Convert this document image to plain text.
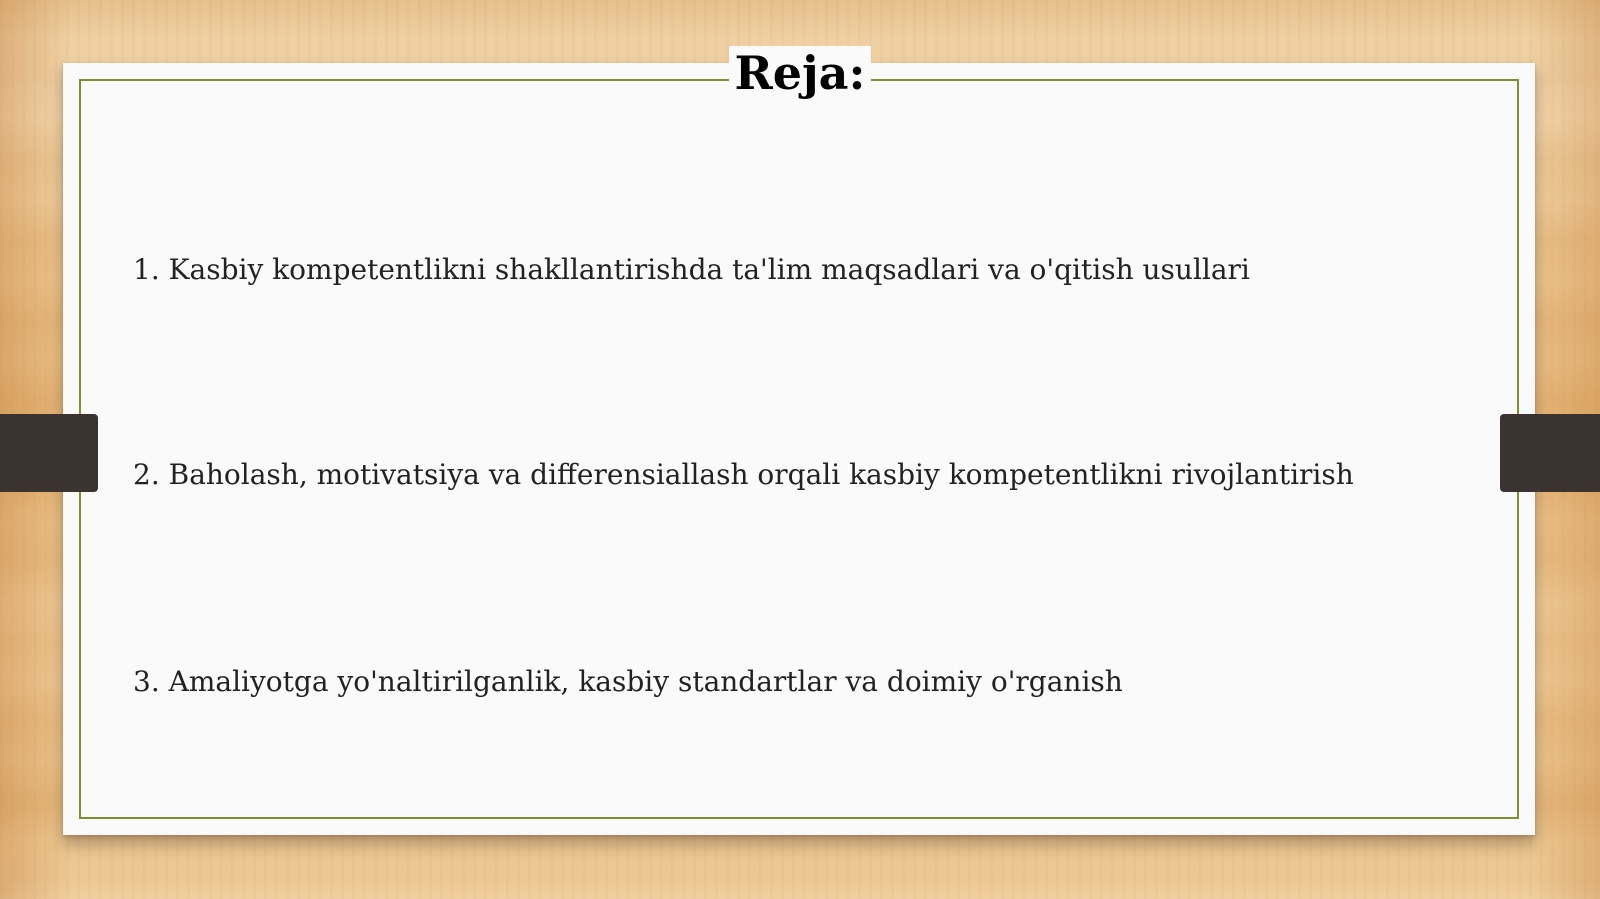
Reja:
1. Kasbiy kompetentlikni shakllantirishda ta'lim maqsadlari va o'qitish usullari
2. Baholash, motivatsiya va differensiallash orqali kasbiy kompetentlikni rivojlantirish
3. Amaliyotga yo'naltirilganlik, kasbiy standartlar va doimiy o'rganish
